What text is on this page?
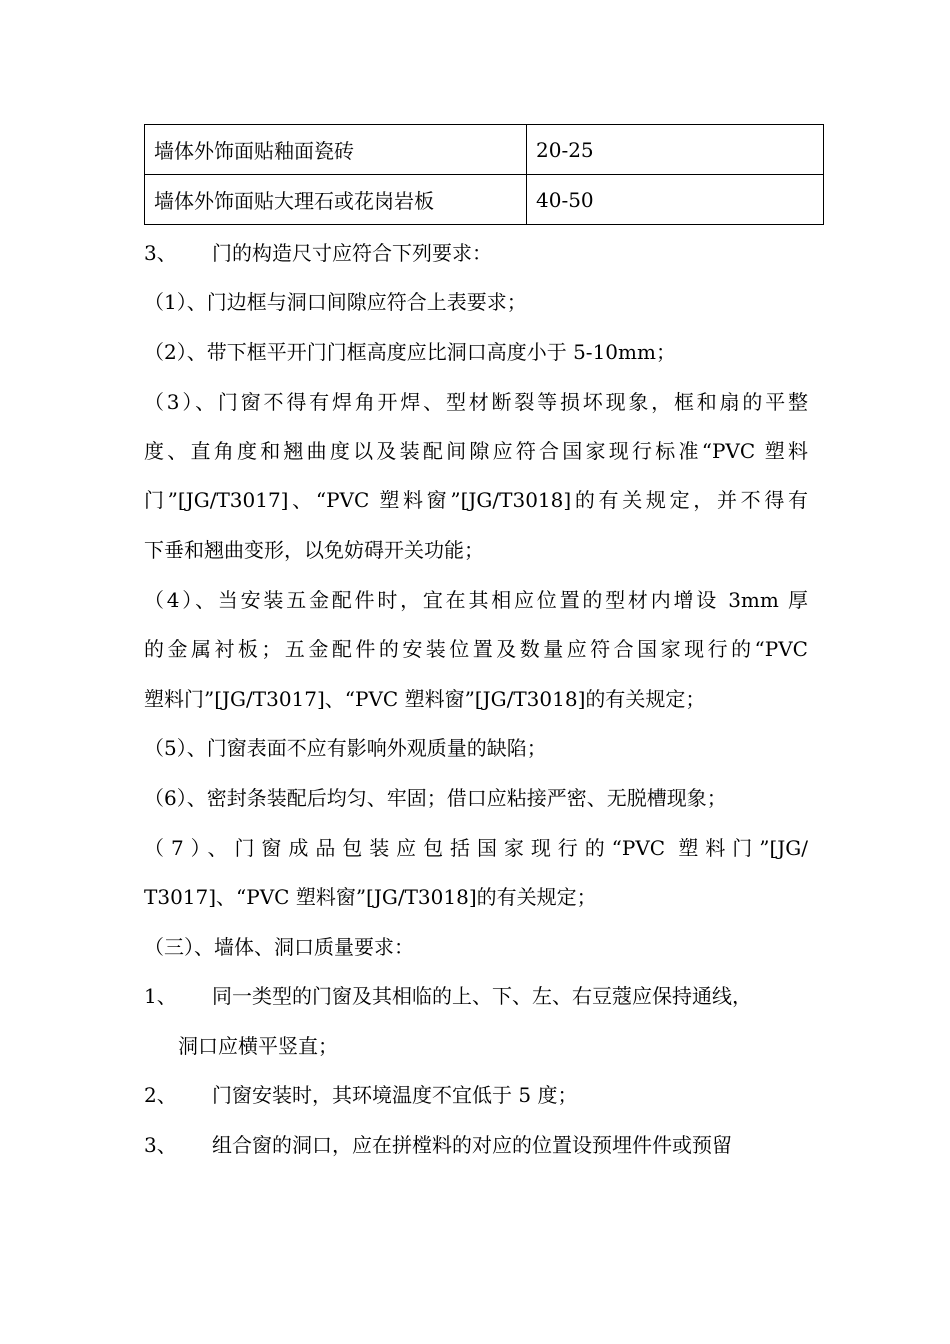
墙体外饰面贴釉面瓷砖	20-25
墙体外饰面贴大理石或花岗岩板	40-50
3、 门的构造尺寸应符合下列要求：
（1）、门边框与洞口间隙应符合上表要求；
（2）、带下框平开门门框高度应比洞口高度小于 5-10mm；
（3）、门窗不得有焊角开焊、型材断裂等损坏现象，框和扇的平整
度、直角度和翘曲度以及装配间隙应符合国家现行标准“PVC 塑料
门”[JG/T3017]、“PVC 塑料窗”[JG/T3018]的有关规定，并不得有
下垂和翘曲变形，以免妨碍开关功能；
（4）、当安装五金配件时，宜在其相应位置的型材内增设 3mm 厚
的金属衬板；五金配件的安装位置及数量应符合国家现行的“PVC
塑料门”[JG/T3017]、“PVC 塑料窗”[JG/T3018]的有关规定；
（5）、门窗表面不应有影响外观质量的缺陷；
（6）、密封条装配后均匀、牢固；借口应粘接严密、无脱槽现象；
（7）、门窗成品包装应包括国家现行的“PVC 塑料门”[JG/
T3017]、“PVC 塑料窗”[JG/T3018]的有关规定；
（三）、墙体、洞口质量要求：
1、 同一类型的门窗及其相临的上、下、左、右豆蔻应保持通线，
洞口应横平竖直；
2、 门窗安装时，其环境温度不宜低于 5 度；
3、 组合窗的洞口，应在拼樘料的对应的位置设预埋件件或预留
